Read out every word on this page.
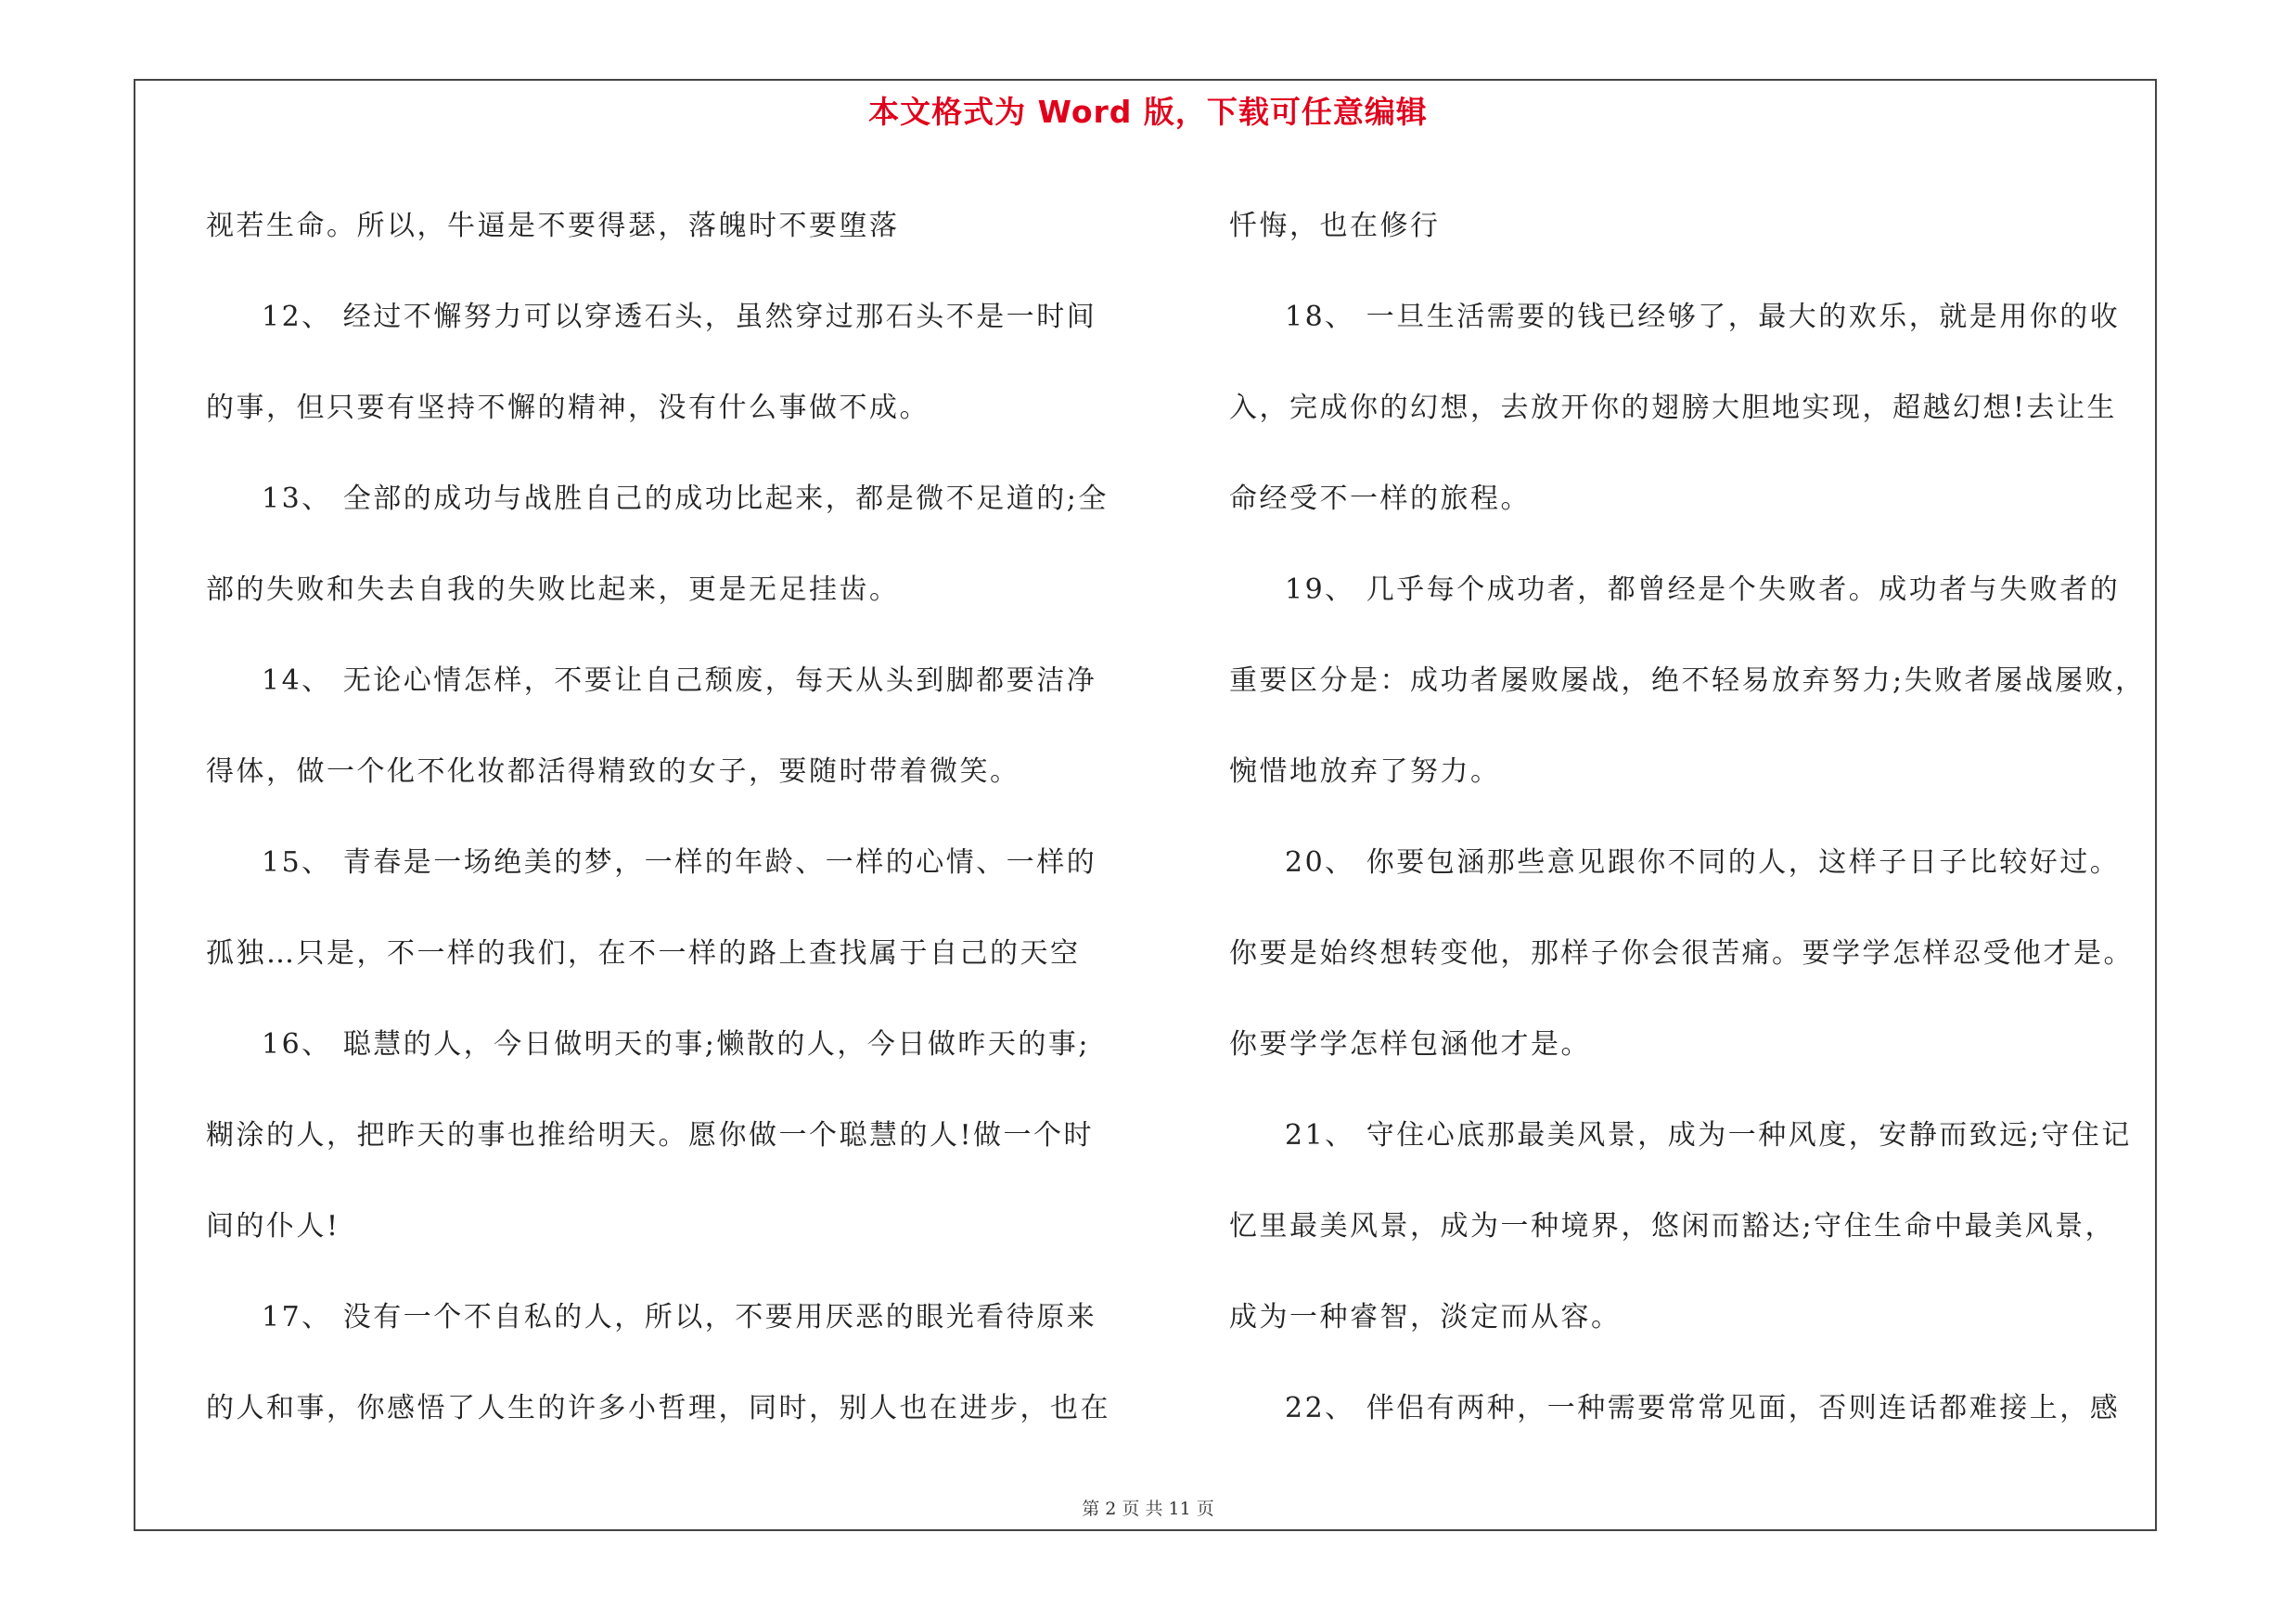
本文格式为 Word 版，下载可任意编辑
视若生命。所以，牛逼是不要得瑟，落魄时不要堕落
12、 经过不懈努力可以穿透石头，虽然穿过那石头不是一时间
的事，但只要有坚持不懈的精神，没有什么事做不成。
13、 全部的成功与战胜自己的成功比起来，都是微不足道的;全
部的失败和失去自我的失败比起来，更是无足挂齿。
14、 无论心情怎样，不要让自己颓废，每天从头到脚都要洁净
得体，做一个化不化妆都活得精致的女子，要随时带着微笑。
15、 青春是一场绝美的梦，一样的年龄、一样的心情、一样的
孤独…只是，不一样的我们，在不一样的路上查找属于自己的天空
16、 聪慧的人，今日做明天的事;懒散的人，今日做昨天的事;
糊涂的人，把昨天的事也推给明天。愿你做一个聪慧的人!做一个时
间的仆人!
17、 没有一个不自私的人，所以，不要用厌恶的眼光看待原来
的人和事，你感悟了人生的许多小哲理，同时，别人也在进步，也在
忏悔，也在修行
18、 一旦生活需要的钱已经够了，最大的欢乐，就是用你的收
入，完成你的幻想，去放开你的翅膀大胆地实现，超越幻想!去让生
命经受不一样的旅程。
19、 几乎每个成功者，都曾经是个失败者。成功者与失败者的
重要区分是：成功者屡败屡战，绝不轻易放弃努力;失败者屡战屡败，
惋惜地放弃了努力。
20、 你要包涵那些意见跟你不同的人，这样子日子比较好过。
你要是始终想转变他，那样子你会很苦痛。要学学怎样忍受他才是。
你要学学怎样包涵他才是。
21、 守住心底那最美风景，成为一种风度，安静而致远;守住记
忆里最美风景，成为一种境界，悠闲而豁达;守住生命中最美风景，
成为一种睿智，淡定而从容。
22、 伴侣有两种，一种需要常常见面，否则连话都难接上，感
第 2 页 共 11 页
